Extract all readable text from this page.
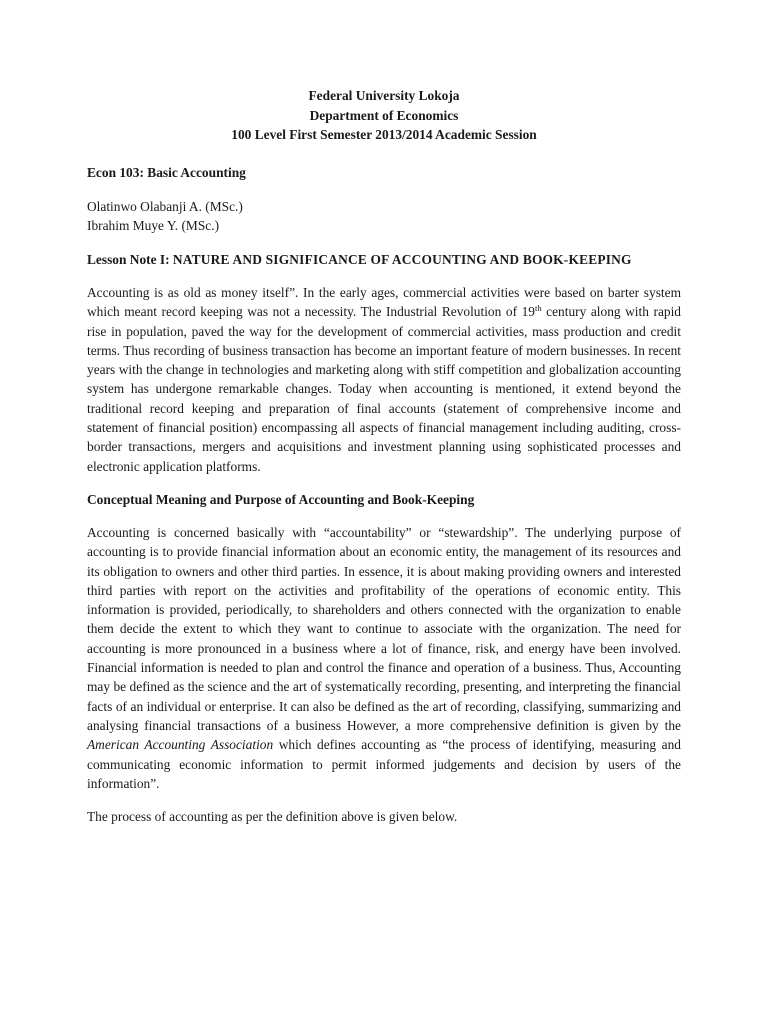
Federal University Lokoja
Department of Economics
100 Level First Semester 2013/2014 Academic Session
Econ 103: Basic Accounting
Olatinwo Olabanji A. (MSc.)
Ibrahim Muye Y. (MSc.)
Lesson Note I: NATURE AND SIGNIFICANCE OF ACCOUNTING AND BOOK-KEEPING

Accounting is as old as money itself”. In the early ages, commercial activities were based on barter system which meant record keeping was not a necessity. The Industrial Revolution of 19th century along with rapid rise in population, paved the way for the development of commercial activities, mass production and credit terms. Thus recording of business transaction has become an important feature of modern businesses. In recent years with the change in technologies and marketing along with stiff competition and globalization accounting system has undergone remarkable changes. Today when accounting is mentioned, it extend beyond the traditional record keeping and preparation of final accounts (statement of comprehensive income and statement of financial position) encompassing all aspects of financial management including auditing, cross-border transactions, mergers and acquisitions and investment planning using sophisticated processes and electronic application platforms.

Conceptual Meaning and Purpose of Accounting and Book-Keeping

Accounting is concerned basically with “accountability” or “stewardship”. The underlying purpose of accounting is to provide financial information about an economic entity, the management of its resources and its obligation to owners and other third parties. In essence, it is about making providing owners and interested third parties with report on the activities and profitability of the operations of economic entity. This information is provided, periodically, to shareholders and others connected with the organization to enable them decide the extent to which they want to continue to associate with the organization. The need for accounting is more pronounced in a business where a lot of finance, risk, and energy have been involved. Financial information is needed to plan and control the finance and operation of a business. Thus, Accounting may be defined as the science and the art of systematically recording, presenting, and interpreting the financial facts of an individual or enterprise. It can also be defined as the art of recording, classifying, summarizing and analysing financial transactions of a business However, a more comprehensive definition is given by the American Accounting Association which defines accounting as “the process of identifying, measuring and communicating economic information to permit informed judgements and decision by users of the information”.

The process of accounting as per the definition above is given below.
